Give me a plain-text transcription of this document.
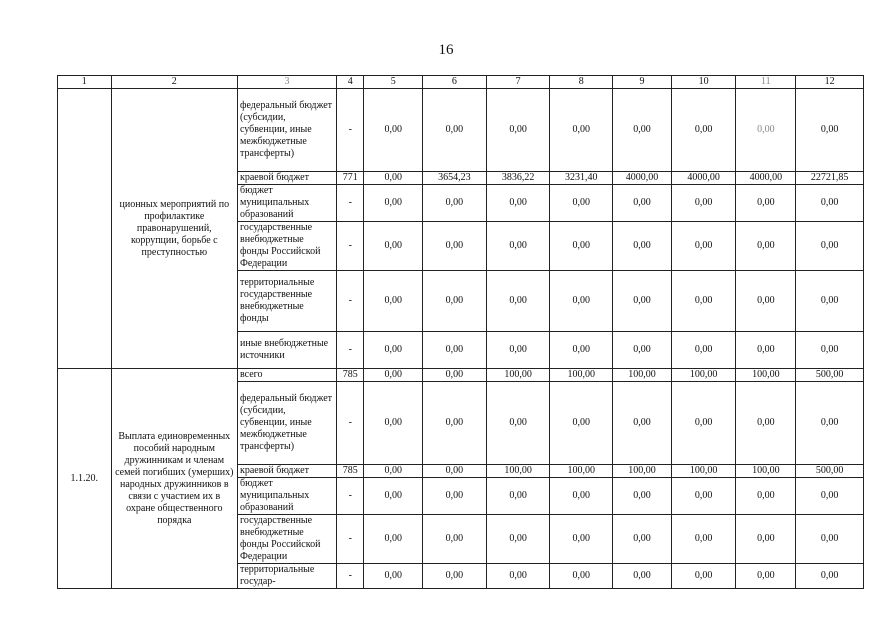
16
1	2	3	4	5	6	7	8	9	10	11	12
	ционных мероприятий по профилактике правонарушений, коррупции, борьбе с преступностью	федеральный бюджет (субсидии, субвенции, иные межбюджетные трансферты)	-	0,00	0,00	0,00	0,00	0,00	0,00	0,00	0,00
		краевой бюджет	771	0,00	3654,23	3836,22	3231,40	4000,00	4000,00	4000,00	22721,85
		бюджет муниципальных образований	-	0,00	0,00	0,00	0,00	0,00	0,00	0,00	0,00
		государственные внебюджетные фонды Российской Федерации	-	0,00	0,00	0,00	0,00	0,00	0,00	0,00	0,00
		территориальные государственные внебюджетные фонды	-	0,00	0,00	0,00	0,00	0,00	0,00	0,00	0,00
		иные внебюджетные источники	-	0,00	0,00	0,00	0,00	0,00	0,00	0,00	0,00
1.1.20.	Выплата единовременных пособий народным дружинникам и членам семей погибших (умерших) народных дружинников в связи с участием их в охране общественного порядка	всего	785	0,00	0,00	100,00	100,00	100,00	100,00	100,00	500,00
		федеральный бюджет (субсидии, субвенции, иные межбюджетные трансферты)	-	0,00	0,00	0,00	0,00	0,00	0,00	0,00	0,00
		краевой бюджет	785	0,00	0,00	100,00	100,00	100,00	100,00	100,00	500,00
		бюджет муниципальных образований	-	0,00	0,00	0,00	0,00	0,00	0,00	0,00	0,00
		государственные внебюджетные фонды Российской Федерации	-	0,00	0,00	0,00	0,00	0,00	0,00	0,00	0,00
		территориальные государ-	-	0,00	0,00	0,00	0,00	0,00	0,00	0,00	0,00
